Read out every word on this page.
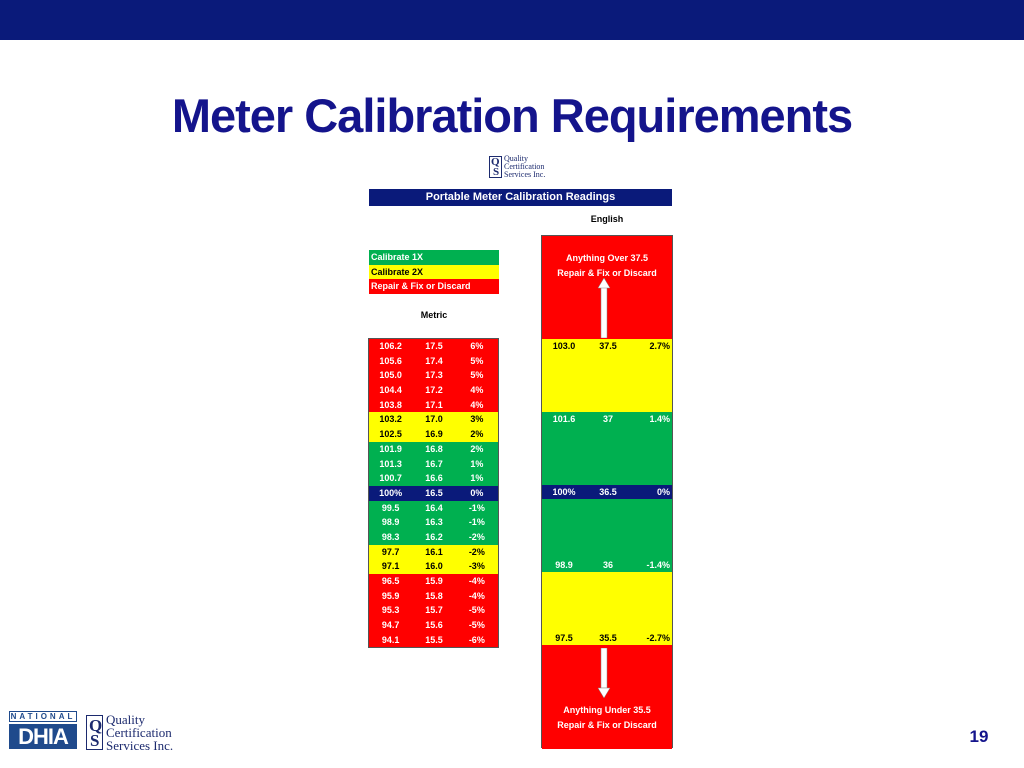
Meter Calibration Requirements
Q
S
Quality
Certification
Services Inc.
Portable Meter Calibration Readings
English
Calibrate 1X
Calibrate 2X
Repair & Fix or Discard
Metric
106.2	17.5	6%
105.6	17.4	5%
105.0	17.3	5%
104.4	17.2	4%
103.8	17.1	4%
103.2	17.0	3%
102.5	16.9	2%
101.9	16.8	2%
101.3	16.7	1%
100.7	16.6	1%
100%	16.5	0%
99.5	16.4	-1%
98.9	16.3	-1%
98.3	16.2	-2%
97.7	16.1	-2%
97.1	16.0	-3%
96.5	15.9	-4%
95.9	15.8	-4%
95.3	15.7	-5%
94.7	15.6	-5%
94.1	15.5	-6%
Anything Over 37.5
Repair & Fix or Discard
103.0	37.5	2.7%
101.6	37	1.4%
100%	36.5	0%
98.9	36	-1.4%
97.5	35.5	-2.7%
Anything Under 35.5
Repair & Fix or Discard
NATIONAL
DHIA	Q
S
Quality
Certification
Services Inc.	19
